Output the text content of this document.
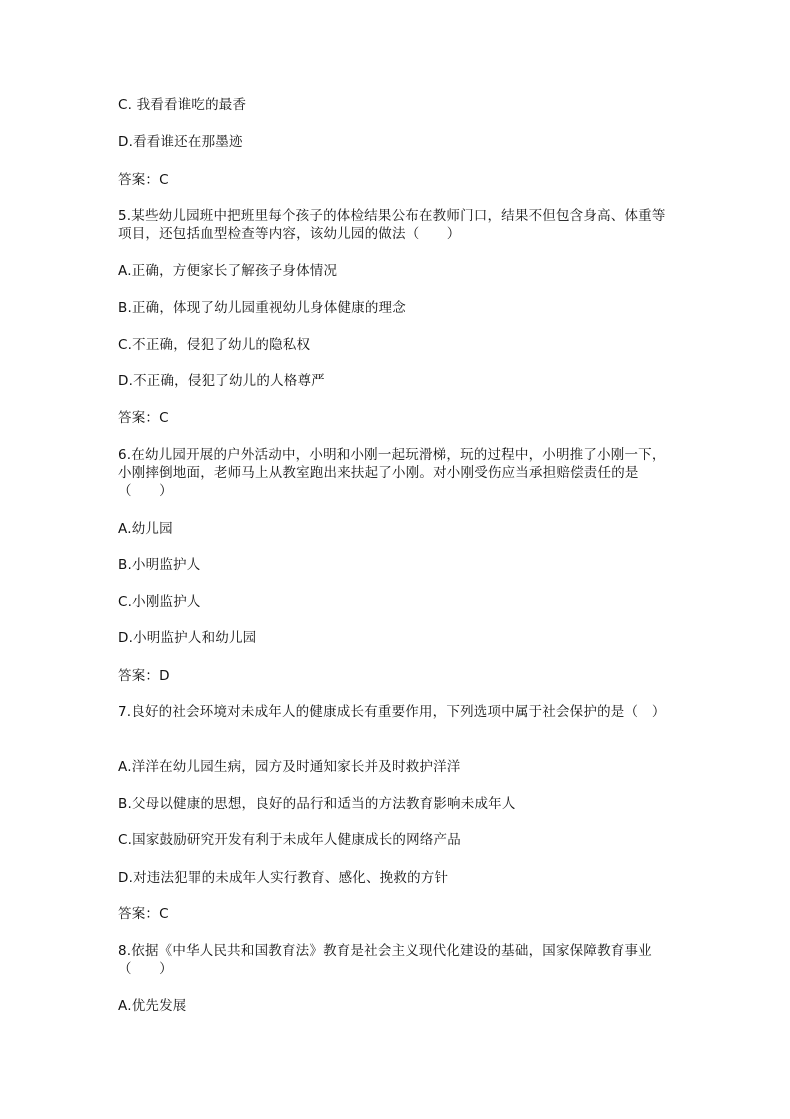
C. 我看看谁吃的最香
D.看看谁还在那墨迹
答案：C
5.某些幼儿园班中把班里每个孩子的体检结果公布在教师门口，结果不但包含身高、体重等项目，还包括血型检查等内容，该幼儿园的做法（　　）
A.正确，方便家长了解孩子身体情况
B.正确，体现了幼儿园重视幼儿身体健康的理念
C.不正确，侵犯了幼儿的隐私权
D.不正确，侵犯了幼儿的人格尊严
答案：C
6.在幼儿园开展的户外活动中，小明和小刚一起玩滑梯，玩的过程中，小明推了小刚一下，小刚摔倒地面，老师马上从教室跑出来扶起了小刚。对小刚受伤应当承担赔偿责任的是（　　）
A.幼儿园
B.小明监护人
C.小刚监护人
D.小明监护人和幼儿园
答案：D
7.良好的社会环境对未成年人的健康成长有重要作用，下列选项中属于社会保护的是（　）
A.洋洋在幼儿园生病，园方及时通知家长并及时救护洋洋
B.父母以健康的思想，良好的品行和适当的方法教育影响未成年人
C.国家鼓励研究开发有利于未成年人健康成长的网络产品
D.对违法犯罪的未成年人实行教育、感化、挽救的方针
答案：C
8.依据《中华人民共和国教育法》教育是社会主义现代化建设的基础，国家保障教育事业（　　）
A.优先发展
